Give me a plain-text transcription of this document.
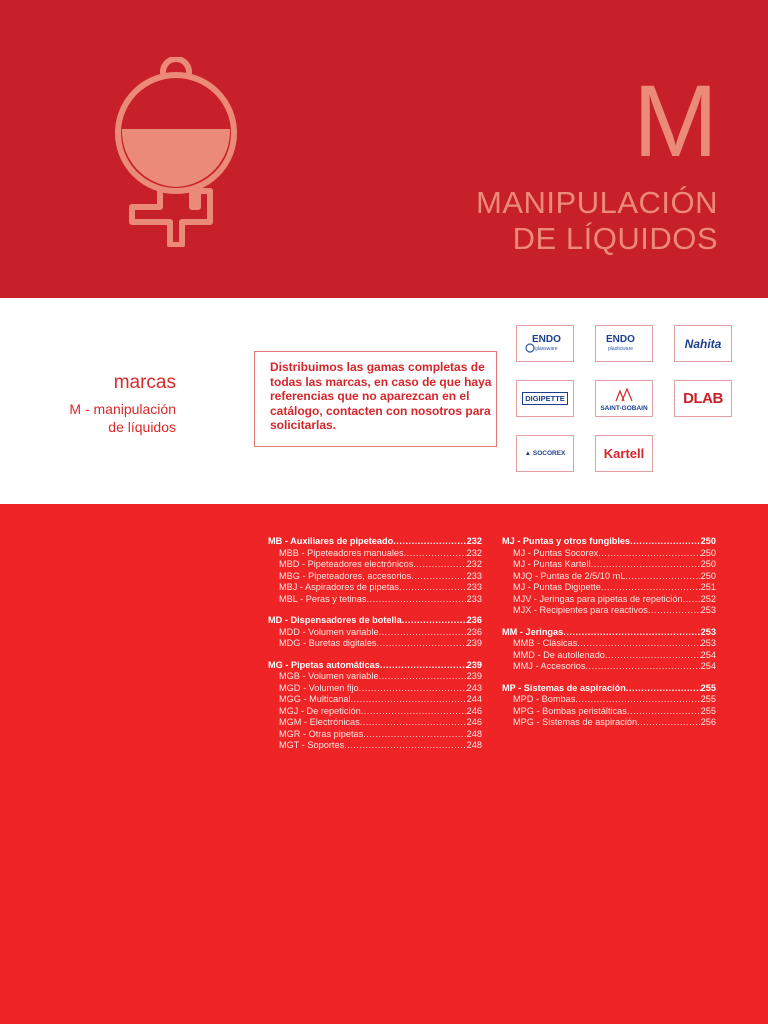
M
MANIPULACIÓN
DE LÍQUIDOS
marcas
M - manipulación
de líquidos

Distribuimos las gamas completas de todas las marcas, en caso de que haya referencias que no aparezcan en el catálogo, contacten con nosotros para solicitarlas.

ENDO
glassware
ENDO
plasticware	Nahita
DIGIPETTE
SAINT-GOBAIN
DLAB
▲ SOCOREX	Kartell
MB - Auxiliares de pipeteado .....	232
MBB - Pipeteadores manuales .....	232
MBD - Pipeteadores electrónicos .....	232
MBG - Pipeteadores, accesorios .....	233
MBJ - Aspiradores de pipetas .....	233
MBL - Peras y tetinas .....	233
MD - Dispensadores de botella .....	236
MDD - Volumen variable .....	236
MDG - Buretas digitales .....	239
MG - Pipetas automáticas .....	239
MGB - Volumen variable .....	239
MGD - Volumen fijo .....	243
MGG - Multicanal .....	244
MGJ - De repetición .....	246
MGM - Electrónicas .....	246
MGR - Otras pipetas .....	248
MGT - Soportes .....	248
MJ - Puntas y otros fungibles .....	250
MJ - Puntas Socorex .....	250
MJ - Puntas Kartell .....	250
MJQ - Puntas de 2/5/10 mL .....	250
MJ - Puntas Digipette .....	251
MJV - Jeringas para pipetas de repetición ..... 252
MJX - Recipientes para reactivos .....	253
MM - Jeringas .....	253
MMB - Clásicas .....	253
MMD - De autollenado .....	254
MMJ - Accesorios .....	254
MP - Sistemas de aspiración .....	255
MPD - Bombas .....	255
MPG - Bombas peristálticas .....	255
MPG - Sistemas de aspiración .....	256
